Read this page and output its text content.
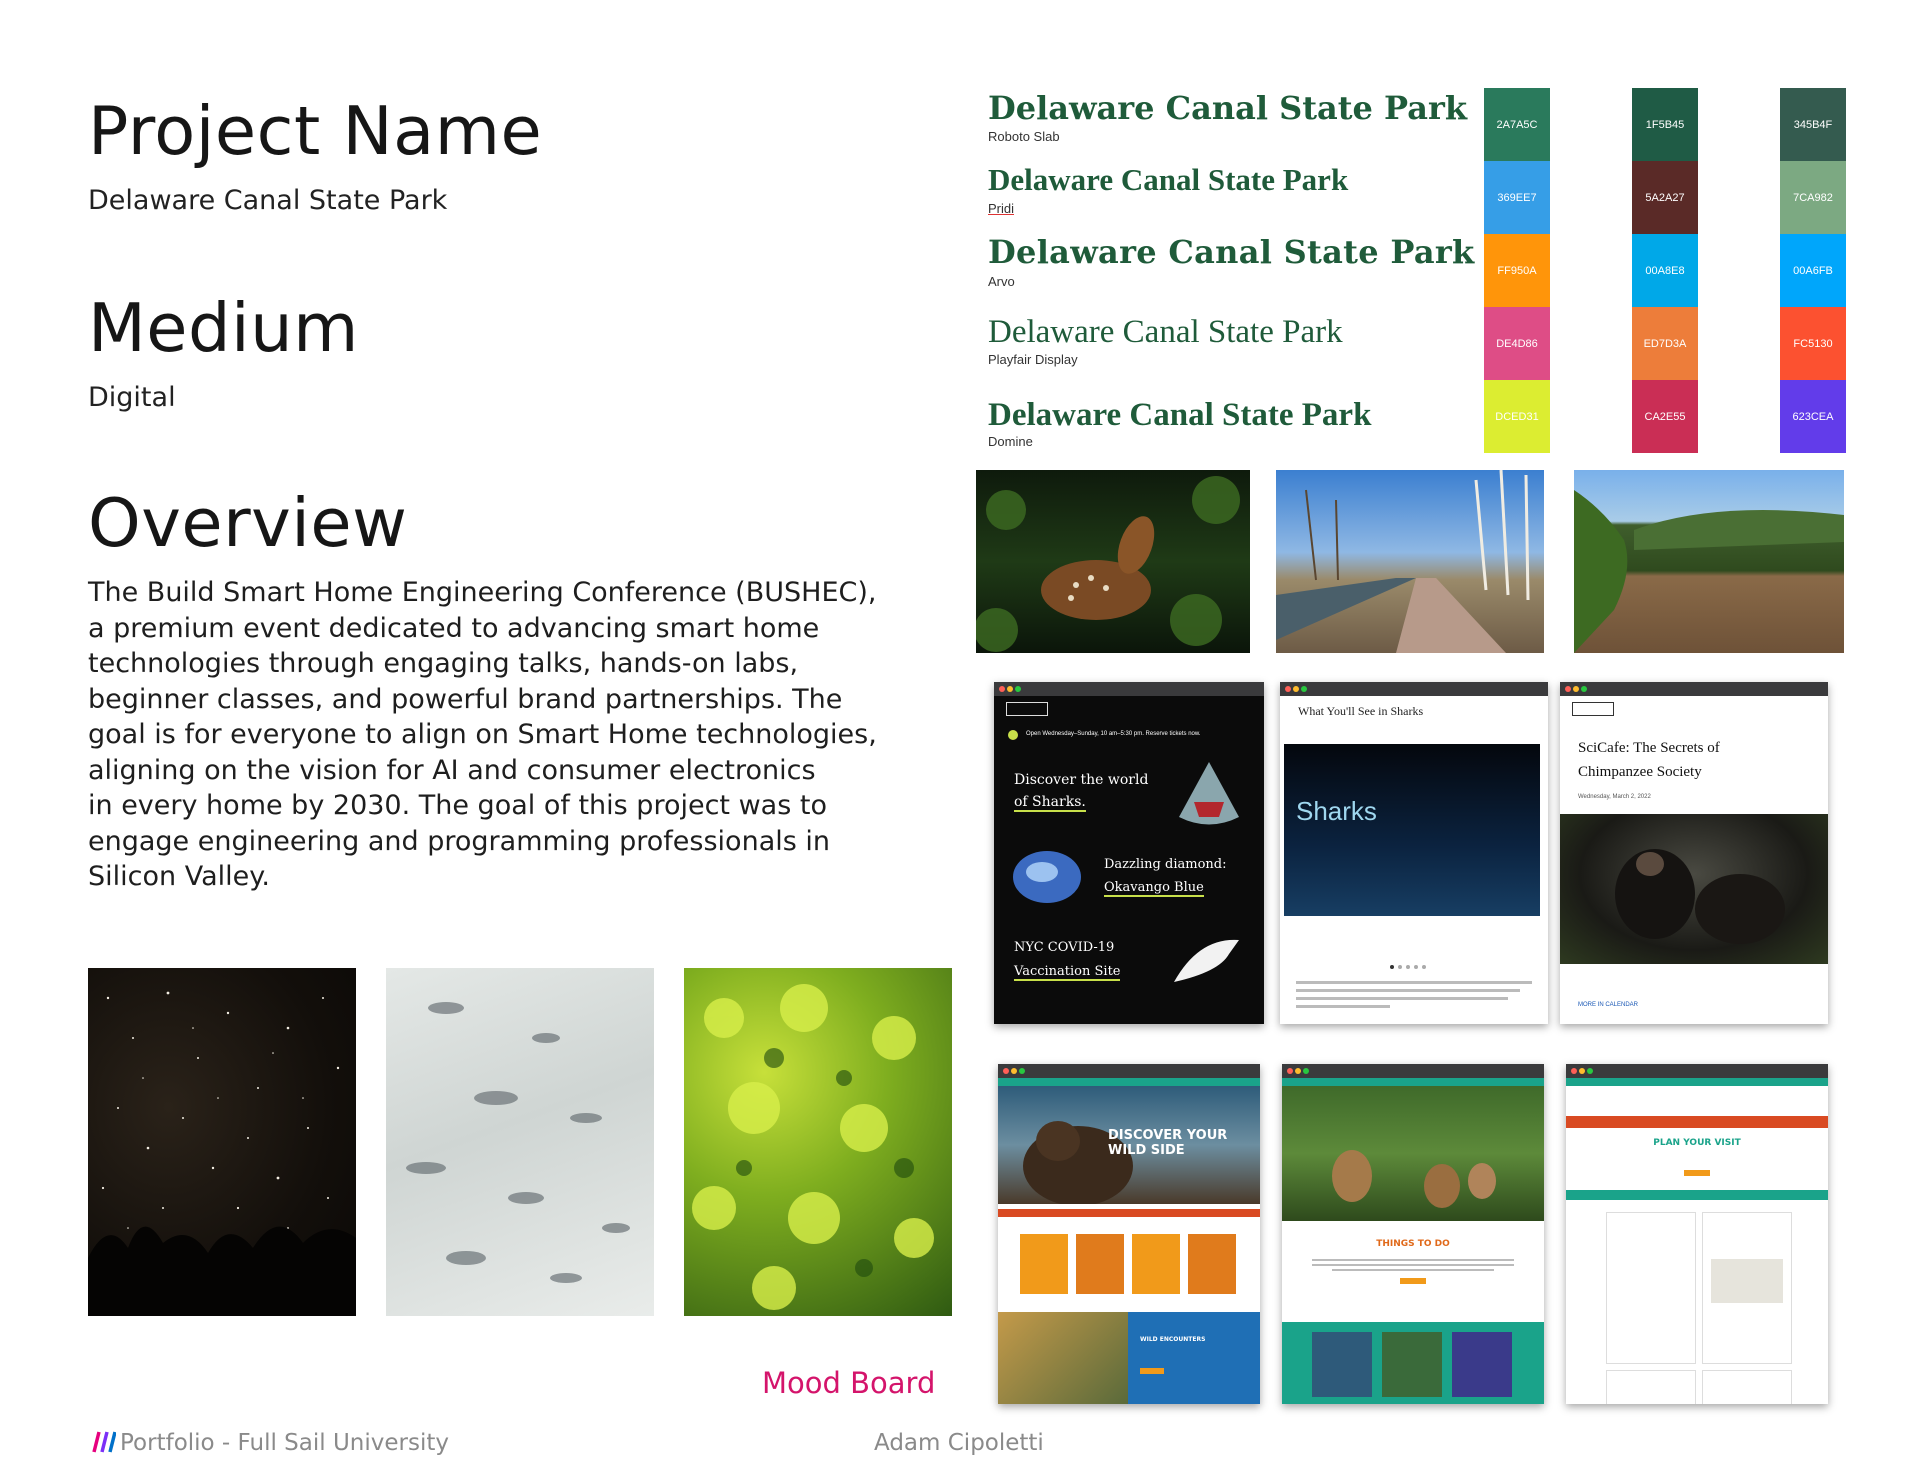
Project Name
Delaware Canal State Park
Medium
Digital
Overview
The Build Smart Home Engineering Conference (BUSHEC),
a premium event dedicated to advancing smart home
technologies through engaging talks, hands-on labs,
beginner classes, and powerful brand partnerships. The
goal is for everyone to align on Smart Home technologies,
aligning on the vision for AI and consumer electronics
in every home by 2030. The goal of this project was to
engage engineering and programming professionals in
Silicon Valley.
Mood Board
Delaware Canal State Park
Roboto Slab
Delaware Canal State Park
Pridi
Delaware Canal State Park
Arvo
Delaware Canal State Park
Playfair Display
Delaware Canal State Park
Domine
2A7A5C
369EE7
FF950A
DE4D86
DCED31
1F5B45
5A2A27
00A8E8
ED7D3A
CA2E55
345B4F
7CA982
00A6FB
FC5130
623CEA
Open Wednesday–Sunday, 10 am–5:30 pm. Reserve tickets now.
Discover the world
of Sharks.
Dazzling diamond:
Okavango Blue
NYC COVID-19
Vaccination Site
What You'll See in Sharks
Sharks
SciCafe: The Secrets of
Chimpanzee Society
Wednesday, March 2, 2022
MORE IN CALENDAR
DISCOVER YOUR WILD SIDE
WILD ENCOUNTERS
THINGS TO DO
PLAN YOUR VISIT
Portfolio - Full Sail University	Adam Cipoletti
